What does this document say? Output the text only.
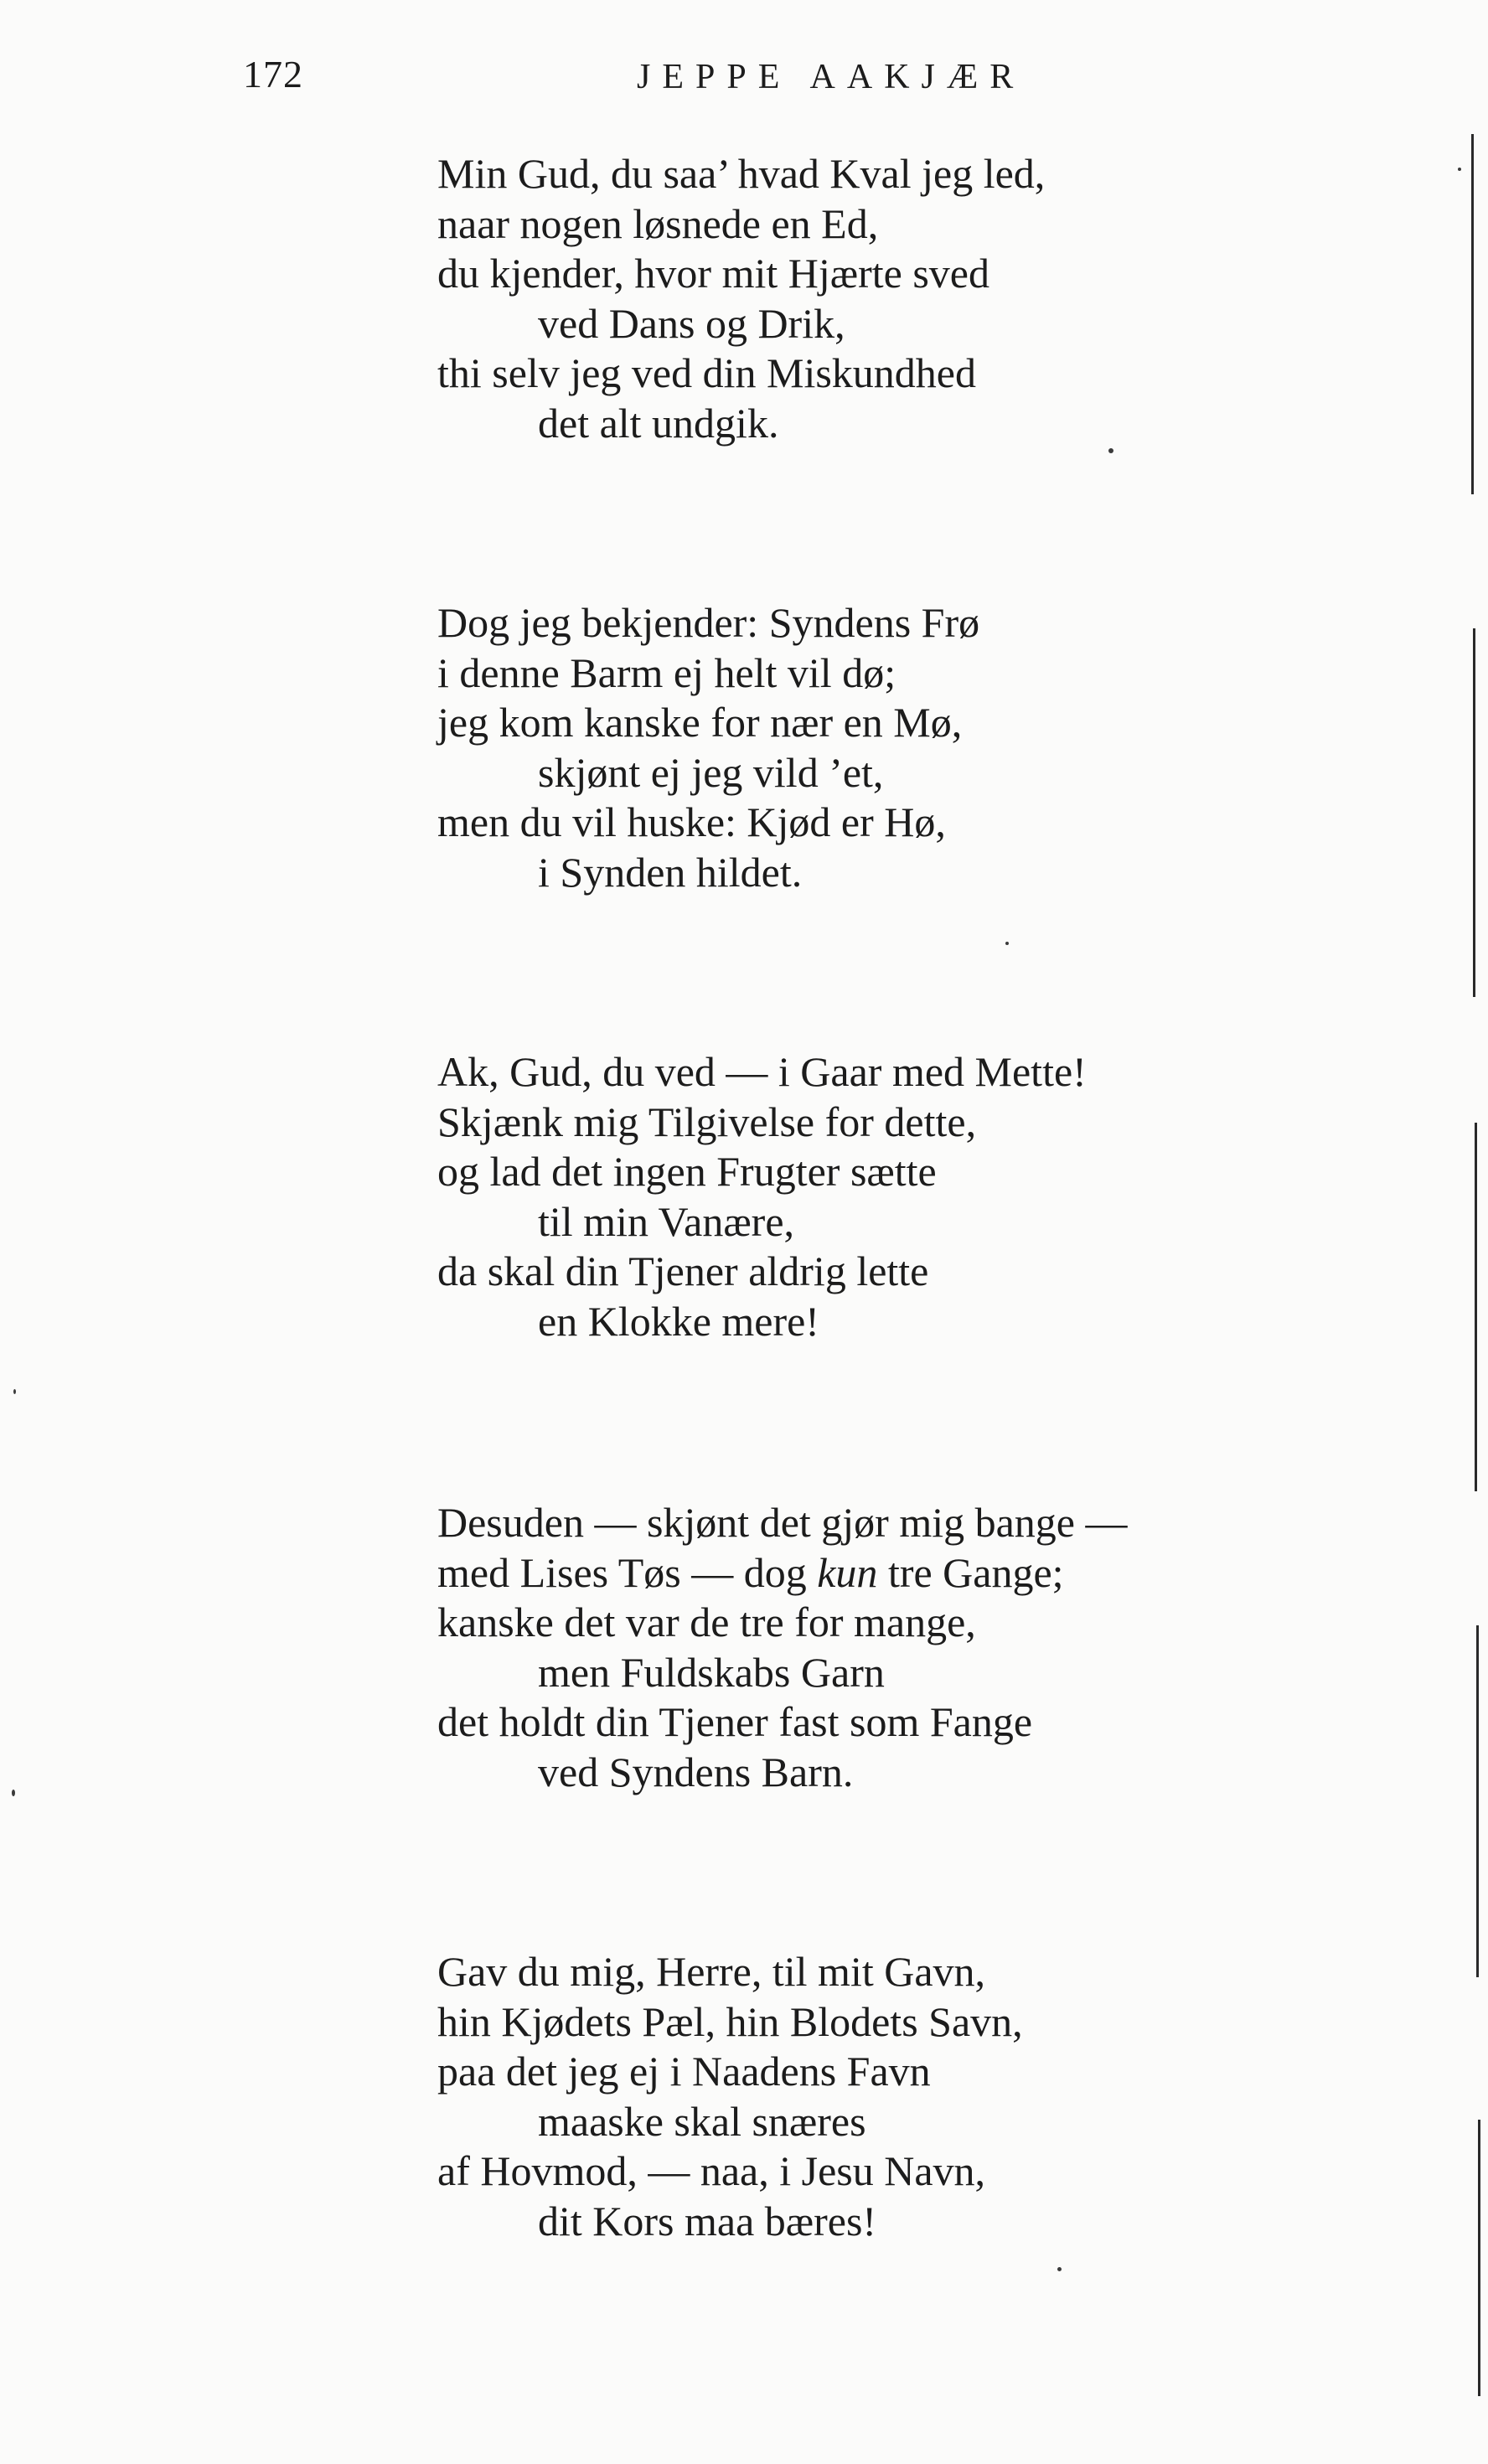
172	JEPPE AAKJÆR
Min Gud, du saa’ hvad Kval jeg led,
naar nogen løsnede en Ed,
du kjender, hvor mit Hjærte sved
ved Dans og Drik,
thi selv jeg ved din Miskundhed
det alt undgik.
Dog jeg bekjender: Syndens Frø
i denne Barm ej helt vil dø;
jeg kom kanske for nær en Mø,
skjønt ej jeg vild ’et,
men du vil huske: Kjød er Hø,
i Synden hildet.
Ak, Gud, du ved — i Gaar med Mette!
Skjænk mig Tilgivelse for dette,
og lad det ingen Frugter sætte
til min Vanære,
da skal din Tjener aldrig lette
en Klokke mere!
Desuden — skjønt det gjør mig bange —
med Lises Tøs — dog kun tre Gange;
kanske det var de tre for mange,
men Fuldskabs Garn
det holdt din Tjener fast som Fange
ved Syndens Barn.
Gav du mig, Herre, til mit Gavn,
hin Kjødets Pæl, hin Blodets Savn,
paa det jeg ej i Naadens Favn
maaske skal snæres
af Hovmod, — naa, i Jesu Navn,
dit Kors maa bæres!
